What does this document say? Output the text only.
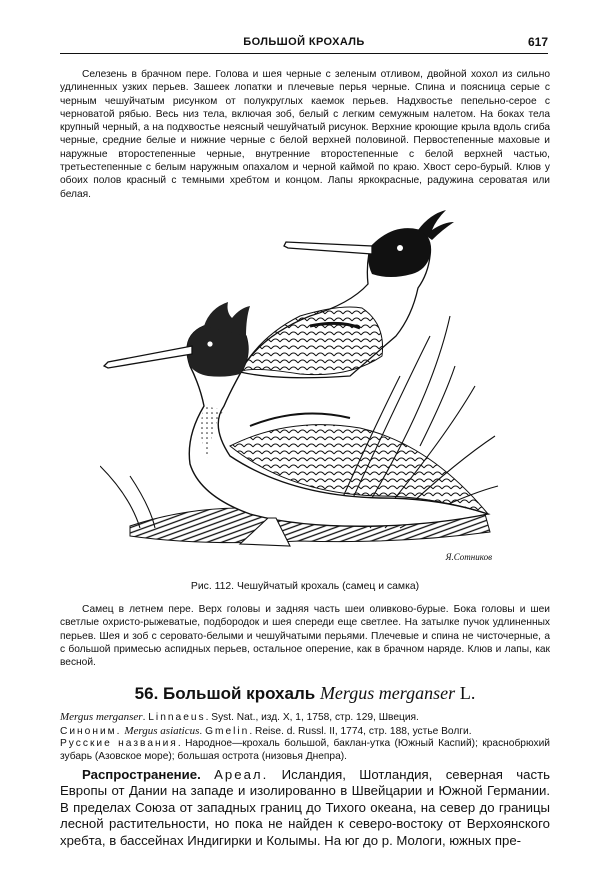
БОЛЬШОЙ КРОХАЛЬ	617

Селезень в брачном пере. Голова и шея черные с зеленым отливом, двойной хохол из сильно удлиненных узких перьев. Зашеек лопатки и плечевые перья черные. Спина и поясница серые с черным чешуйчатым рисунком от полукруглых каемок перьев. Надхвостье пепельно-серое с черноватой рябью. Весь низ тела, включая зоб, белый с легким семужным налетом. На боках тела крупный черный, а на подхвостье неясный чешуйчатый рисунок. Верхние кроющие крыла вдоль сгиба черные, средние белые и нижние черные с белой верхней половиной. Первостепенные маховые и наружные второстепенные черные, внутренние второстепенные с белой верхней частью, третьестепенные с белым наружным опахалом и черной каймой по краю. Хвост серо-бурый. Клюв у обоих полов красный с темными хребтом и концом. Лапы яркокрасные, радужина сероватая или белая.

Я.Сотников
Рис. 112. Чешуйчатый крохаль (самец и самка)

Самец в летнем пере. Верх головы и задняя часть шеи оливково-бурые. Бока головы и шеи светлые охристо-рыжеватые, подбородок и шея спереди еще светлее. На затылке пучок удлиненных перьев. Шея и зоб с серовато-белыми и чешуйчатыми перьями. Плечевые и спина не чисточерные, а с большой примесью аспидных перьев, остальное оперение, как в брачном наряде. Клюв и лапы, как весной.

56. Большой крохаль Mergus merganser L.

Mergus merganser. Linnaeus. Syst. Nat., изд. X, 1, 1758, стр. 129, Швеция.
Синоним. Mergus asiaticus. Gmelin. Reise. d. Russl. II, 1774, стр. 188, устье Волги.
Русские названия. Народное—крохаль большой, баклан-утка (Южный Каспий); краснобрюхий зубарь (Азовское море); большая острота (низовья Днепра).

Распространение. Ареал. Исландия, Шотландия, северная часть Европы от Дании на западе и изолированно в Швейцарии и Южной Германии. В пределах Союза от западных границ до Тихого океана, на север до границы лесной растительности, но пока не найден к северо-востоку от Верхоянского хребта, в бассейнах Индигирки и Колымы. На юг до р. Мологи, южных пре-
